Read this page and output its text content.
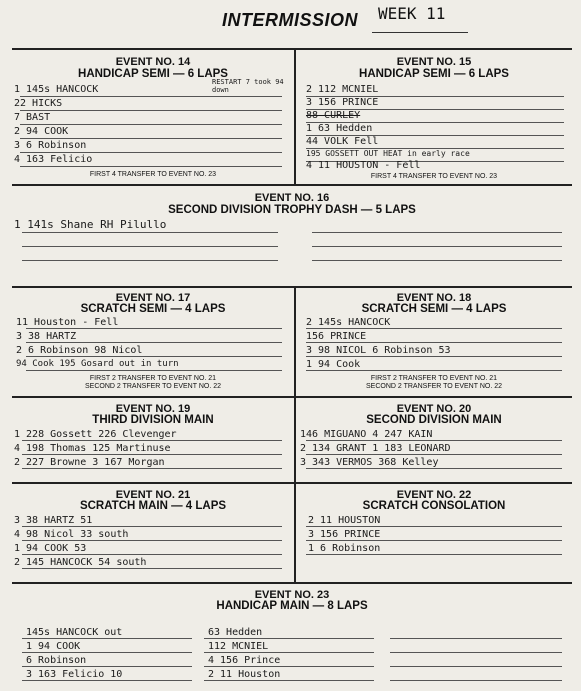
INTERMISSION WEEK 11
EVENT NO. 14
HANDICAP SEMI — 6 LAPS
1 145s HANCOCK
22 HICKS
7 BAST
2 94 COOK
3 6 Robinson
4 163 Felicio
RESTART 7 took 94 down
FIRST 4 TRANSFER TO EVENT NO. 23
EVENT NO. 15
HANDICAP SEMI — 6 LAPS
2 112 MCNIEL
3 156 PRINCE
88 CURLEY
1 63 Hedden
44 VOLK Fell
195 GOSSETT OUT HEAT in early race
4 11 HOUSTON - Fell
FIRST 4 TRANSFER TO EVENT NO. 23
EVENT NO. 16
SECOND DIVISION TROPHY DASH — 5 LAPS
1 141s Shane RH Pilullo
EVENT NO. 17
SCRATCH SEMI — 4 LAPS
11 Houston - Fell
3 38 HARTZ
2 6 Robinson 98 Nicol
94 Cook 195 Gosard out in turn
FIRST 2 TRANSFER TO EVENT NO. 21
SECOND 2 TRANSFER TO EVENT NO. 22
EVENT NO. 18
SCRATCH SEMI — 4 LAPS
2 145s HANCOCK
156 PRINCE
3 98 NICOL 6 Robinson 53
1 94 Cook
FIRST 2 TRANSFER TO EVENT NO. 21
SECOND 2 TRANSFER TO EVENT NO. 22
EVENT NO. 19
THIRD DIVISION MAIN
1 228 Gossett 226 Clevenger
4 198 Thomas 125 Martinuse
2 227 Browne 3 167 Morgan
EVENT NO. 20
SECOND DIVISION MAIN
146 MIGUANO 4 247 KAIN
2 134 GRANT 1 183 LEONARD
3 343 VERMOS 368 Kelley
EVENT NO. 21
SCRATCH MAIN — 4 LAPS
3 38 HARTZ 51
4 98 Nicol 33 south
1 94 COOK 53
2 145 HANCOCK 54 south
EVENT NO. 22
SCRATCH CONSOLATION
2 11 HOUSTON
3 156 PRINCE
1 6 Robinson
EVENT NO. 23
HANDICAP MAIN — 8 LAPS
145s HANCOCK out
1 94 COOK
6 Robinson
3 163 Felicio 10
63 Hedden
112 MCNIEL
4 156 Prince
2 11 Houston
